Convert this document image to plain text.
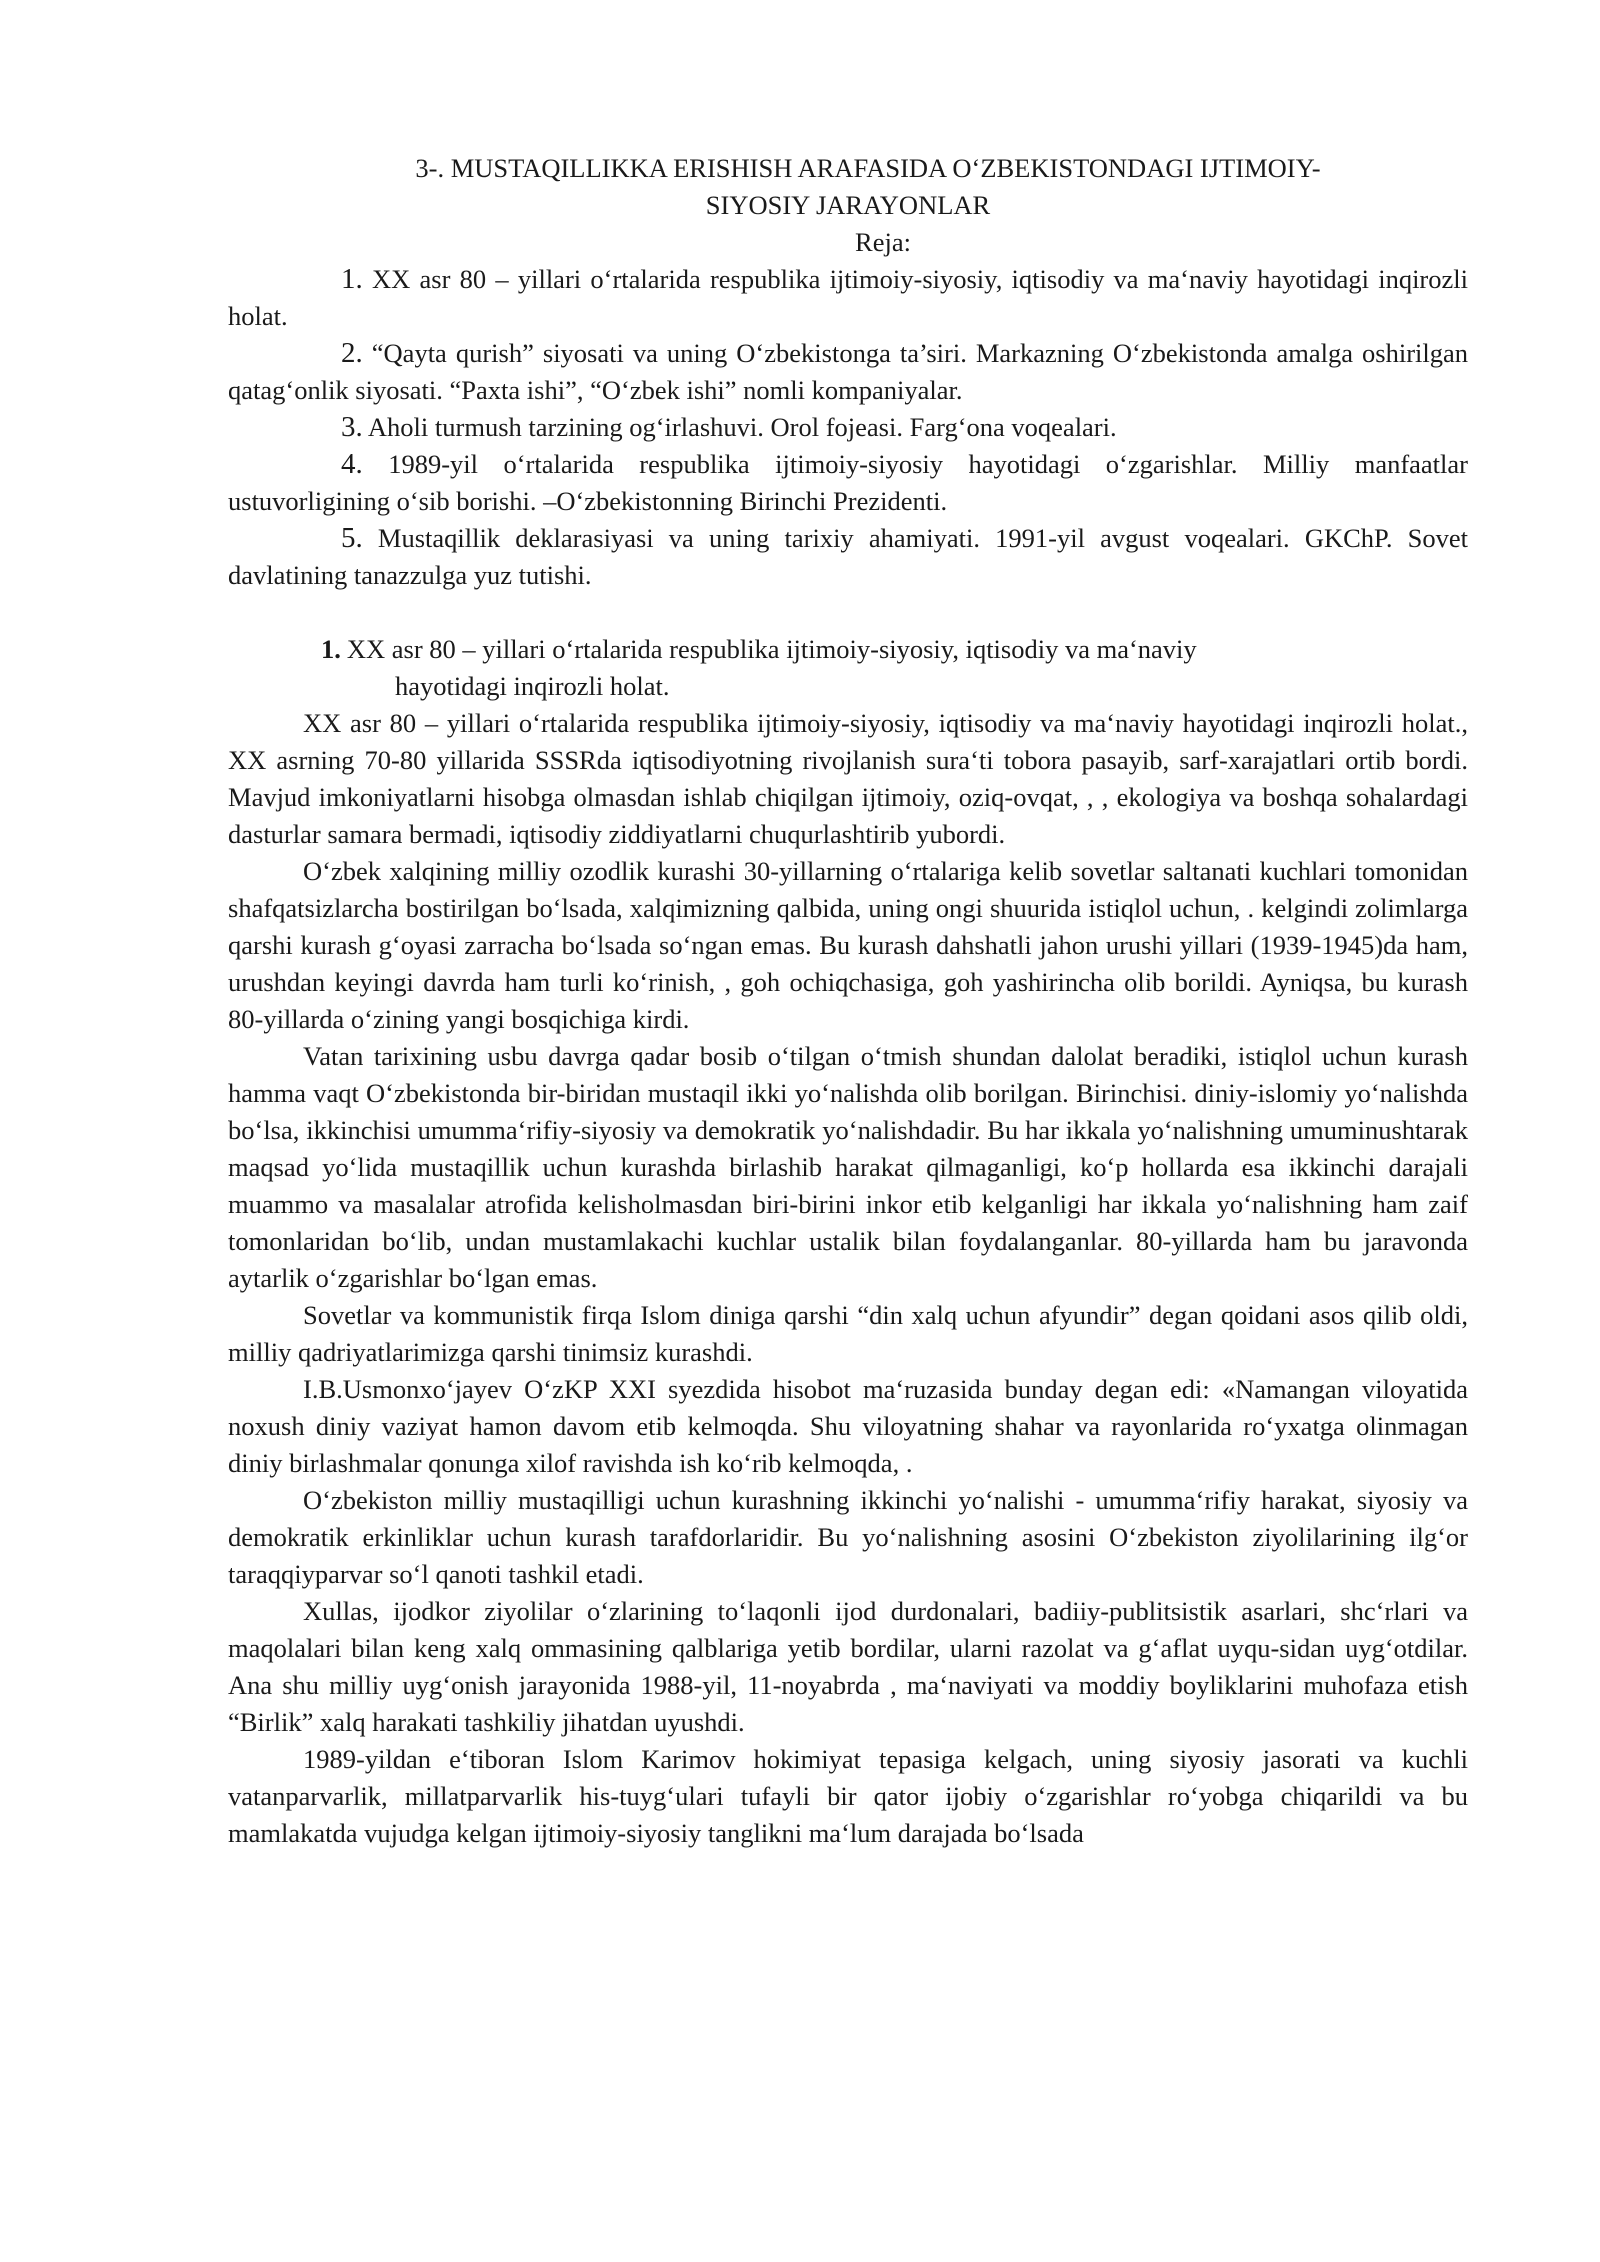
3-. MUSTAQILLIKKA ERISHISH ARAFASIDA O‘ZBEKISTONDAGI IJTIMOIY-
SIYOSIY JARAYONLAR

Reja:

1. XX asr 80 – yillari o‘rtalarida respublika ijtimoiy-siyosiy, iqtisodiy va ma‘naviy hayotidagi inqirozli holat.

2. “Qayta qurish” siyosati va uning O‘zbekistonga ta’siri. Markazning O‘zbekistonda amalga oshirilgan qatag‘onlik siyosati. “Paxta ishi”, “O‘zbek ishi” nomli kompaniyalar.

3. Aholi turmush tarzining og‘irlashuvi. Orol fojeasi. Farg‘ona voqealari.

4. 1989-yil o‘rtalarida respublika ijtimoiy-siyosiy hayotidagi o‘zgarishlar. Milliy manfaatlar ustuvorligining o‘sib borishi. –O‘zbekistonning Birinchi Prezidenti.

5. Mustaqillik deklarasiyasi va uning tarixiy ahamiyati. 1991-yil avgust voqealari. GKChP. Sovet davlatining tanazzulga yuz tutishi.

1. XX asr 80 – yillari o‘rtalarida respublika ijtimoiy-siyosiy, iqtisodiy va ma‘naviy
hayotidagi inqirozli holat.

XX asr 80 – yillari o‘rtalarida respublika ijtimoiy-siyosiy, iqtisodiy va ma‘naviy hayotidagi inqirozli holat., XX asrning 70-80 yillarida SSSRda iqtisodiyotning rivojlanish sura‘ti tobora pasayib, sarf-xarajatlari ortib bordi. Mavjud imkoniyatlarni hisobga olmasdan ishlab chiqilgan ijtimoiy, oziq-ovqat, , , ekologiya va boshqa sohalardagi dasturlar samara bermadi, iqtisodiy ziddiyatlarni chuqurlashtirib yubordi.

O‘zbek xalqining milliy ozodlik kurashi 30-yillarning o‘rtalariga kelib sovetlar saltanati kuchlari tomonidan shafqatsizlarcha bostirilgan bo‘lsada, xalqimizning qalbida, uning ongi shuurida istiqlol uchun, . kelgindi zolimlarga qarshi kurash g‘oyasi zarracha bo‘lsada so‘ngan emas. Bu kurash dahshatli jahon urushi yillari (1939-1945)da ham, urushdan keyingi davrda ham turli ko‘rinish, , goh ochiqchasiga, goh yashirincha olib borildi. Ayniqsa, bu kurash 80-yillarda o‘zining yangi bosqichiga kirdi.

Vatan tarixining usbu davrga qadar bosib o‘tilgan o‘tmish shundan dalolat beradiki, istiqlol uchun kurash hamma vaqt O‘zbekistonda bir-biridan mustaqil ikki yo‘nalishda olib borilgan. Birinchisi. diniy-islomiy yo‘nalishda bo‘lsa, ikkinchisi umumma‘rifiy-siyosiy va demokratik yo‘nalishdadir. Bu har ikkala yo‘nalishning umuminushtarak maqsad yo‘lida mustaqillik uchun kurashda birlashib harakat qilmaganligi, ko‘p hollarda esa ikkinchi darajali muammo va masalalar atrofida kelisholmasdan biri-birini inkor etib kelganligi har ikkala yo‘nalishning ham zaif tomonlaridan bo‘lib, undan mustamlakachi kuchlar ustalik bilan foydalanganlar. 80-yillarda ham bu jaravonda aytarlik o‘zgarishlar bo‘lgan emas.

Sovetlar va kommunistik firqa Islom diniga qarshi “din xalq uchun afyundir” degan qoidani asos qilib oldi, milliy qadriyatlarimizga qarshi tinimsiz kurashdi.

I.B.Usmonxo‘jayev O‘zKP XXI syezdida hisobot ma‘ruzasida bunday degan edi: «Namangan viloyatida noxush diniy vaziyat hamon davom etib kelmoqda. Shu viloyatning shahar va rayonlarida ro‘yxatga olinmagan diniy birlashmalar qonunga xilof ravishda ish ko‘rib kelmoqda, .

O‘zbekiston milliy mustaqilligi uchun kurashning ikkinchi yo‘nalishi - umumma‘rifiy harakat, siyosiy va demokratik erkinliklar uchun kurash tarafdorlaridir. Bu yo‘nalishning asosini O‘zbekiston ziyolilarining ilg‘or taraqqiyparvar so‘l qanoti tashkil etadi.

Xullas, ijodkor ziyolilar o‘zlarining to‘laqonli ijod durdonalari, badiiy-publitsistik asarlari, shc‘rlari va maqolalari bilan keng xalq ommasining qalblariga yetib bordilar, ularni razolat va g‘aflat uyqu-sidan uyg‘otdilar. Ana shu milliy uyg‘onish jarayonida 1988-yil, 11-noyabrda , ma‘naviyati va moddiy boyliklarini muhofaza etish “Birlik” xalq harakati tashkiliy jihatdan uyushdi.

1989-yildan e‘tiboran Islom Karimov hokimiyat tepasiga kelgach, uning siyosiy jasorati va kuchli vatanparvarlik, millatparvarlik his-tuyg‘ulari tufayli bir qator ijobiy o‘zgarishlar ro‘yobga chiqarildi va bu mamlakatda vujudga kelgan ijtimoiy-siyosiy tanglikni ma‘lum darajada bo‘lsada
